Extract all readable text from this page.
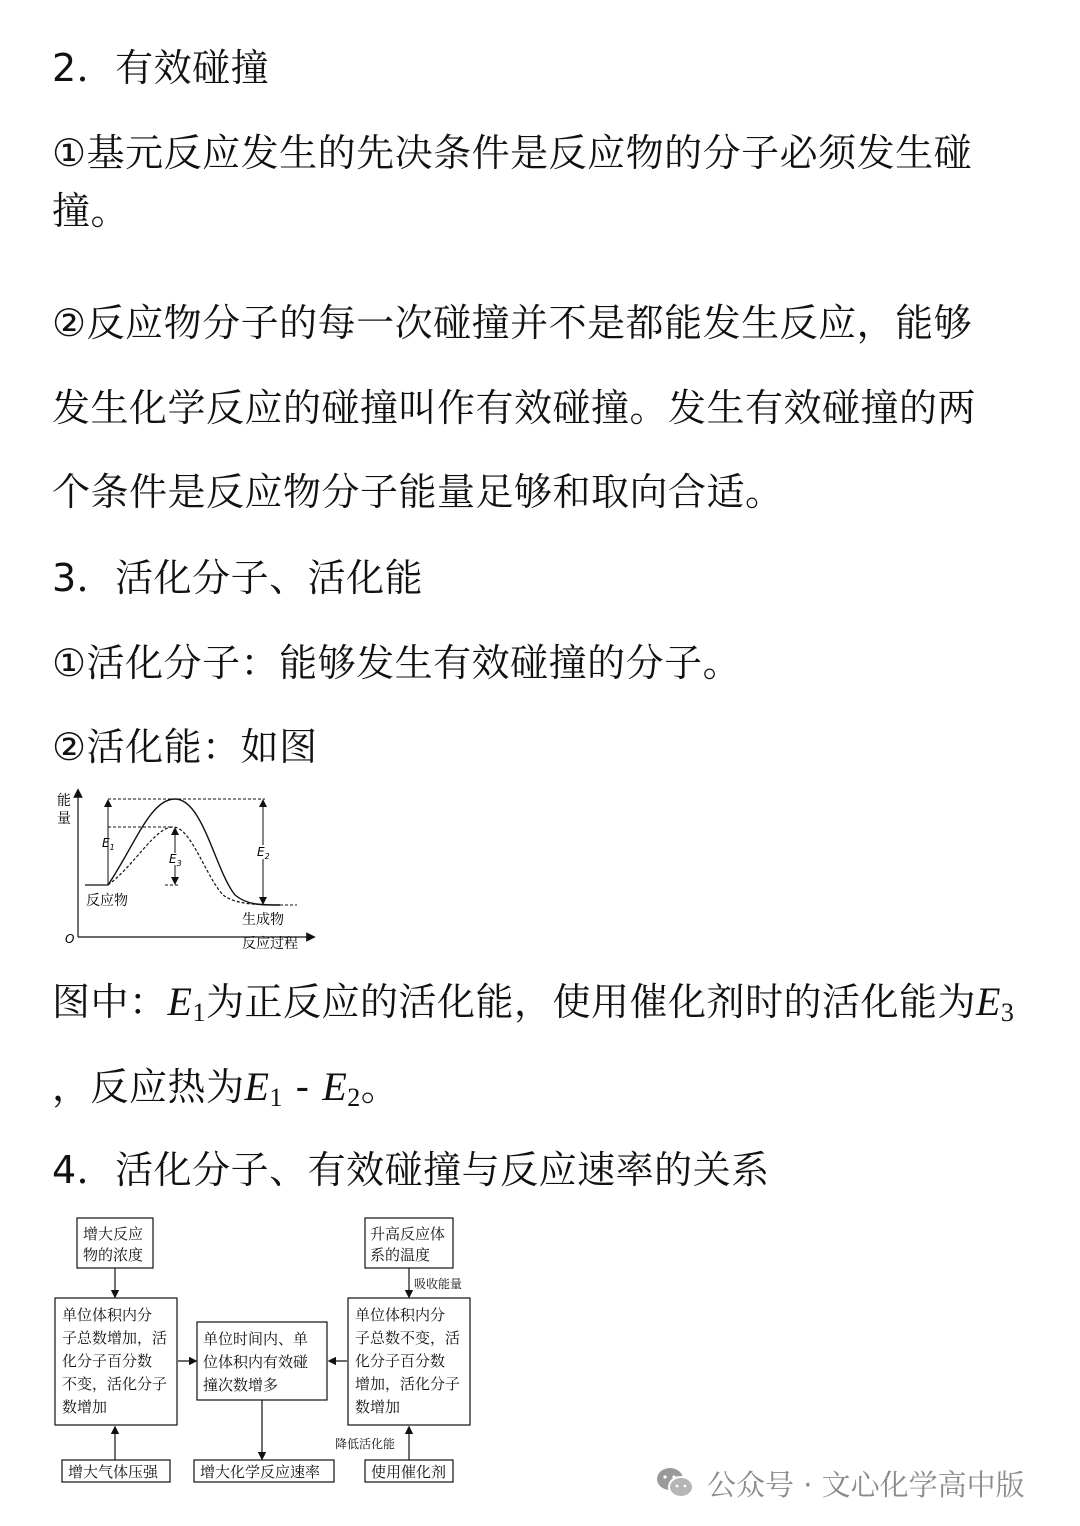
2．有效碰撞
①基元反应发生的先决条件是反应物的分子必须发生碰
撞。
②反应物分子的每一次碰撞并不是都能发生反应，能够
发生化学反应的碰撞叫作有效碰撞。发生有效碰撞的两
个条件是反应物分子能量足够和取向合适。
3．活化分子、活化能
①活化分子：能够发生有效碰撞的分子。
②活化能：如图
能
量
O	反应过程
$E_1$
$E_3$
$E_2$
反应物
生成物
图中：$E_1$为正反应的活化能，使用催化剂时的活化能为$E_3$
，反应热为$E_1 - E_2$。
4．活化分子、有效碰撞与反应速率的关系
增大反应
物的浓度
升高反应体
系的温度
吸收能量
单位体积内分
子总数增加，活
化分子百分数
不变，活化分子
数增加
单位时间内、单
位体积内有效碰
撞次数增多
单位体积内分
子总数不变，活
化分子百分数
增加，活化分子
数增加
降低活化能
增大气体压强	增大化学反应速率	使用催化剂	公众号 · 文心化学高中版
